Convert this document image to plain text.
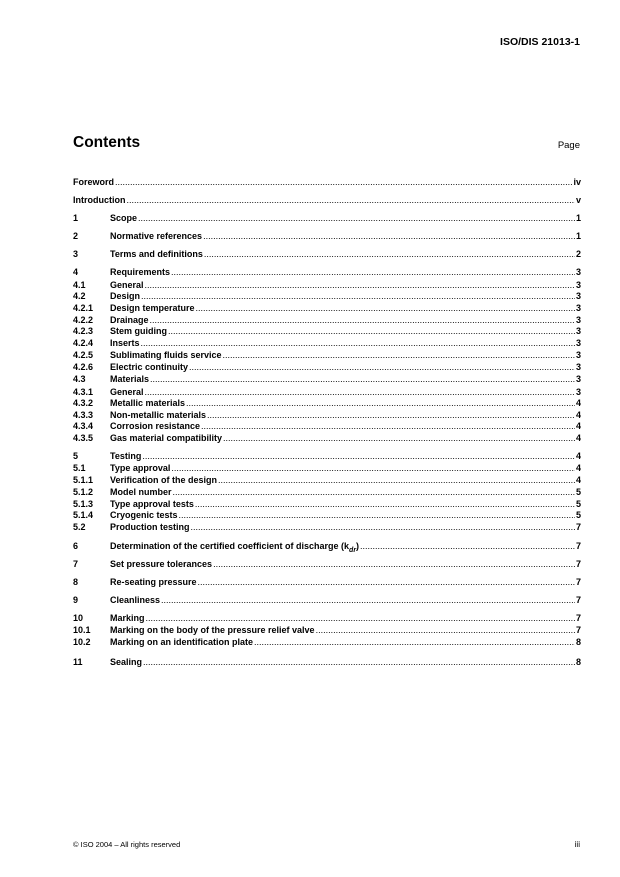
ISO/DIS 21013-1
Contents	Page
Foreword .....	iv
Introduction .....	v
1	Scope .....	1
2	Normative references .....	1
3	Terms and definitions .....	2
4	Requirements .....	3
4.1	General .....	3
4.2	Design .....	3
4.2.1	Design temperature .....	3
4.2.2	Drainage .....	3
4.2.3	Stem guiding .....	3
4.2.4	Inserts .....	3
4.2.5	Sublimating fluids service .....	3
4.2.6	Electric continuity .....	3
4.3	Materials .....	3
4.3.1	General .....	3
4.3.2	Metallic materials .....	4
4.3.3	Non-metallic materials .....	4
4.3.4	Corrosion resistance .....	4
4.3.5	Gas material compatibility .....	4
5	Testing .....	4
5.1	Type approval .....	4
5.1.1	Verification of the design .....	4
5.1.2	Model number .....	5
5.1.3	Type approval tests .....	5
5.1.4	Cryogenic tests .....	5
5.2	Production testing .....	7
6	Determination of the certified coefficient of discharge $(k_{dr})$ .....	7
7	Set pressure tolerances .....	7
8	Re-seating pressure .....	7
9	Cleanliness .....	7
10	Marking .....	7
10.1	Marking on the body of the pressure relief valve .....	7
10.2	Marking on an identification plate .....	8
11	Sealing .....	8
© ISO 2004 – All rights reserved	iii
